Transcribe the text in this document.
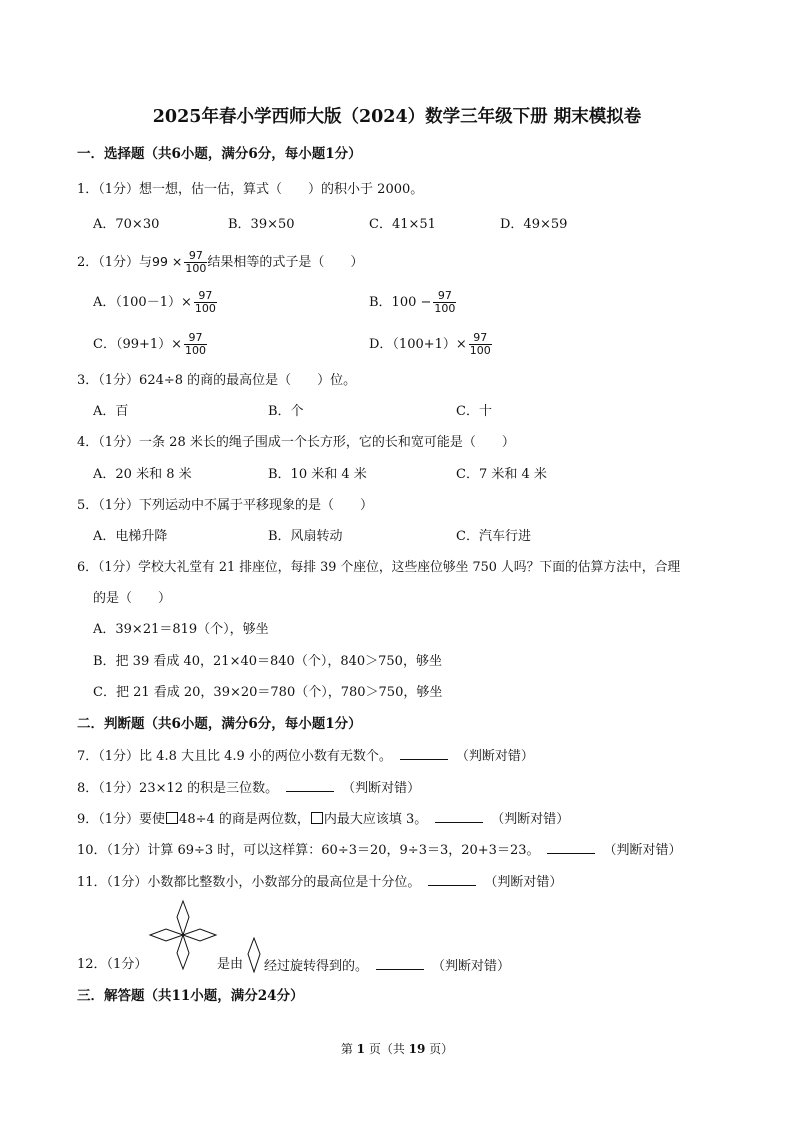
2025年春小学西师大版（2024）数学三年级下册 期末模拟卷
一．选择题（共6小题，满分6分，每小题1分）
1．（1分）想一想，估一估，算式（　　）的积小于 2000。
A．70×30	B．39×50	C．41×51	D．49×59
2．（1分）与$99 \times \frac{97}{100}$ 结果相等的式子是（　　）
A．$(100-1)\times \frac{97}{100}$	B．$100 - \frac{97}{100}$
C．$(99+1)\times \frac{97}{100}$	D．$(100+1)\times \frac{97}{100}$
3．（1分）624÷8 的商的最高位是（　　）位。
A．百	B．个	C．十
4．（1分）一条 28 米长的绳子围成一个长方形，它的长和宽可能是（　　）
A．20 米和 8 米	B．10 米和 4 米	C．7 米和 4 米
5．（1分）下列运动中不属于平移现象的是（　　）
A．电梯升降	B．风扇转动	C．汽车行进
6．（1分）学校大礼堂有 21 排座位，每排 39 个座位，这些座位够坐 750 人吗？下面的估算方法中，合理
的是（　　）
A．39×21＝819（个），够坐
B．把 39 看成 40，21×40＝840（个），840＞750，够坐
C．把 21 看成 20，39×20＝780（个），780＞750，够坐
二．判断题（共6小题，满分6分，每小题1分）
7．（1分）比 4.8 大且比 4.9 小的两位小数有无数个。	（判断对错）
8．（1分）23×12 的积是三位数。	（判断对错）
9．（1分）要使 48÷4 的商是两位数， 内最大应该填 3。	（判断对错）
10．（1分）计算 69÷3 时，可以这样算：60÷3＝20，9÷3＝3，20+3＝23。	（判断对错）
11．（1分）小数都比整数小，小数部分的最高位是十分位。	（判断对错）
12．（1分）	是由 经过旋转得到的。	（判断对错）
三．解答题（共11小题，满分24分）
第 1 页（共 19 页）
